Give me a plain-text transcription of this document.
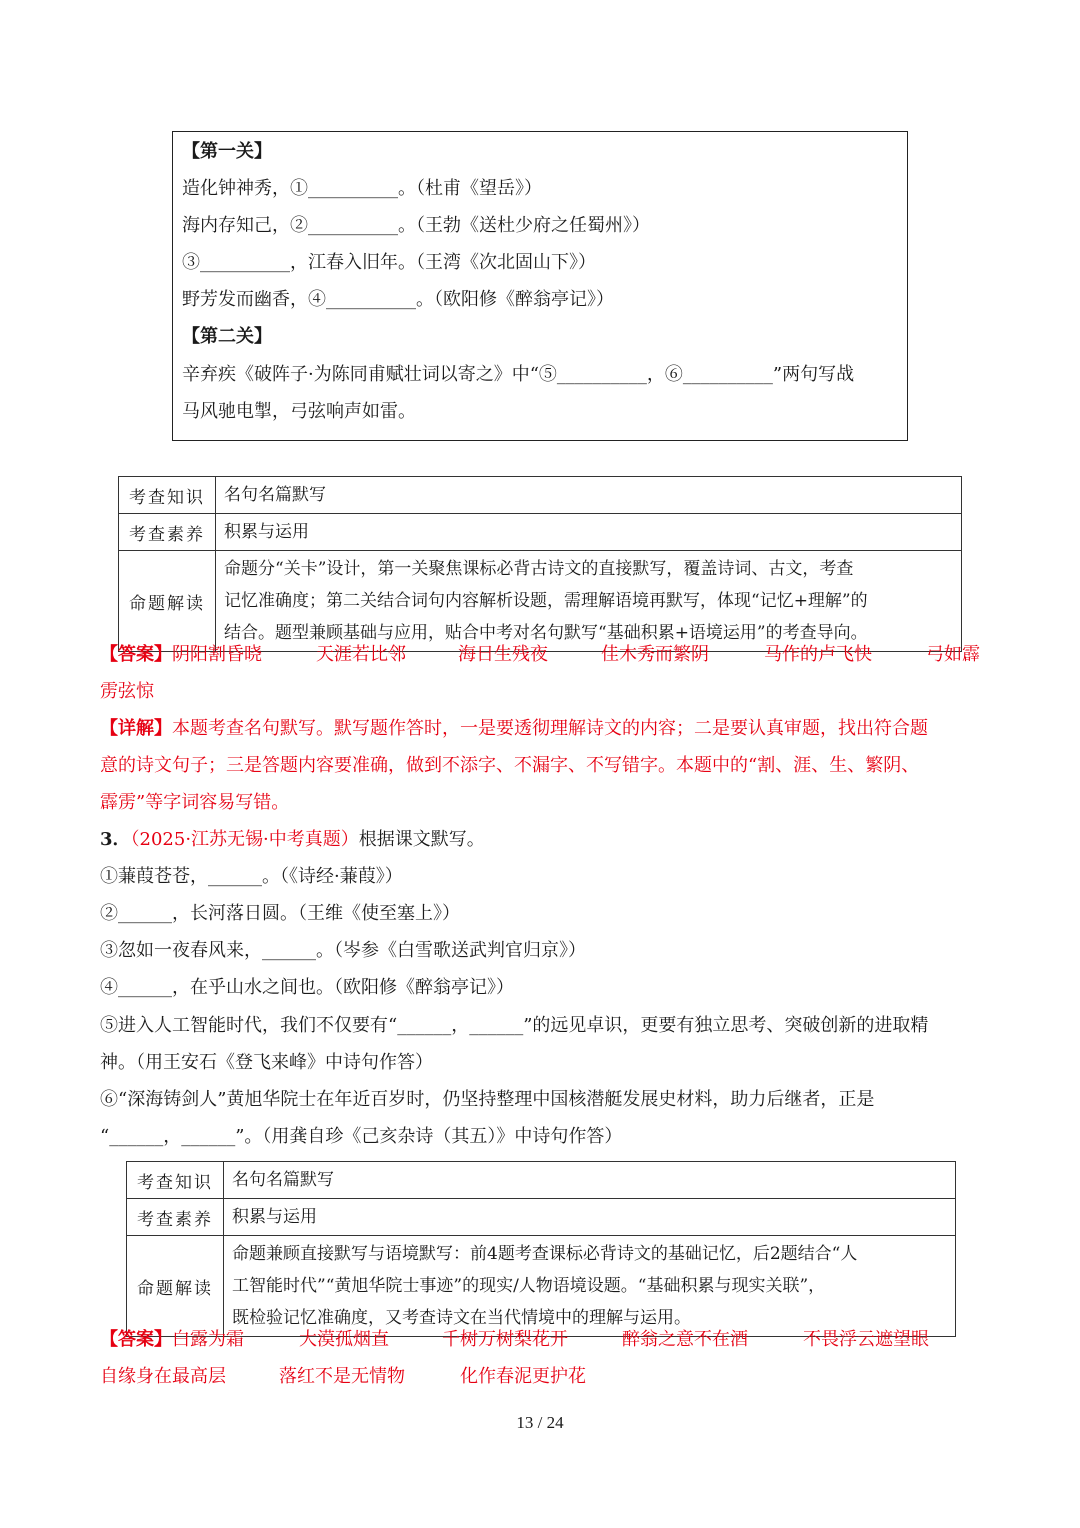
【第一关】
造化钟神秀，①__________。（杜甫《望岳》）
海内存知己，②__________。（王勃《送杜少府之任蜀州》）
③__________，江春入旧年。（王湾《次北固山下》）
野芳发而幽香，④__________。（欧阳修《醉翁亭记》）
【第二关】
辛弃疾《破阵子·为陈同甫赋壮词以寄之》中“⑤__________，⑥__________”两句写战
马风驰电掣，弓弦响声如雷。
考查知识	名句名篇默写
考查素养	积累与运用
命题解读	命题分“关卡”设计，第一关聚焦课标必背古诗文的直接默写，覆盖诗词、古文，考查
记忆准确度；第二关结合词句内容解析设题，需理解语境再默写，体现“记忆+理解”的
结合。题型兼顾基础与应用，贴合中考对名句默写“基础积累+语境运用”的考查导向。
【答案】阴阳割昏晓	天涯若比邻	海日生残夜	佳木秀而繁阴	马作的卢飞快	弓如霹
雳弦惊
【详解】本题考查名句默写。默写题作答时，一是要透彻理解诗文的内容；二是要认真审题，找出符合题
意的诗文句子；三是答题内容要准确，做到不添字、不漏字、不写错字。本题中的“割、涯、生、繁阴、
霹雳”等字词容易写错。
3．（2025·江苏无锡·中考真题）根据课文默写。
①蒹葭苍苍，______。（《诗经·蒹葭》）
②______，长河落日圆。（王维《使至塞上》）
③忽如一夜春风来，______。（岑参《白雪歌送武判官归京》）
④______，在乎山水之间也。（欧阳修《醉翁亭记》）
⑤进入人工智能时代，我们不仅要有“______，______”的远见卓识，更要有独立思考、突破创新的进取精
神。（用王安石《登飞来峰》中诗句作答）
⑥“深海铸剑人”黄旭华院士在年近百岁时，仍坚持整理中国核潜艇发展史材料，助力后继者，正是
“______，______”。（用龚自珍《己亥杂诗（其五）》中诗句作答）
考查知识	名句名篇默写
考查素养	积累与运用
命题解读	命题兼顾直接默写与语境默写：前4题考查课标必背诗文的基础记忆，后2题结合“人
工智能时代”“黄旭华院士事迹”的现实/人物语境设题。“基础积累与现实关联”，
既检验记忆准确度，又考查诗文在当代情境中的理解与运用。
【答案】白露为霜	大漠孤烟直	千树万树梨花开	醉翁之意不在酒	不畏浮云遮望眼
自缘身在最高层	落红不是无情物	化作春泥更护花
13 / 24
